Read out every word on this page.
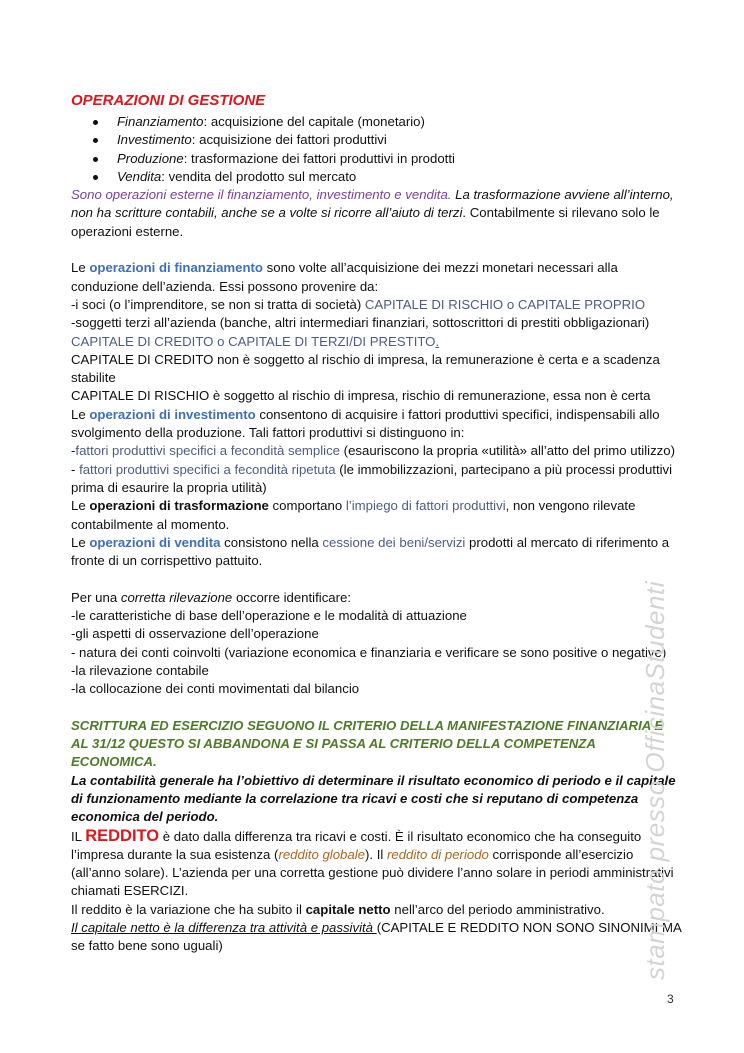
OPERAZIONI DI GESTIONE
Finanziamento: acquisizione del capitale (monetario)
Investimento: acquisizione dei fattori produttivi
Produzione: trasformazione dei fattori produttivi in prodotti
Vendita: vendita del prodotto sul mercato

Sono operazioni esterne il finanziamento, investimento e vendita. La trasformazione avviene all’interno, non ha scritture contabili, anche se a volte si ricorre all’aiuto di terzi. Contabilmente si rilevano solo le operazioni esterne.

Le operazioni di finanziamento sono volte all’acquisizione dei mezzi monetari necessari alla conduzione dell’azienda. Essi possono provenire da:

-i soci (o l’imprenditore, se non si tratta di società) CAPITALE DI RISCHIO o CAPITALE PROPRIO

-soggetti terzi all’azienda (banche, altri intermediari finanziari, sottoscrittori di prestiti obbligazionari) CAPITALE DI CREDITO o CAPITALE DI TERZI/DI PRESTITO.

CAPITALE DI CREDITO non è soggetto al rischio di impresa, la remunerazione è certa e a scadenza stabilite

CAPITALE DI RISCHIO è soggetto al rischio di impresa, rischio di remunerazione, essa non è certa

Le operazioni di investimento consentono di acquisire i fattori produttivi specifici, indispensabili allo svolgimento della produzione. Tali fattori produttivi si distinguono in:

-fattori produttivi specifici a fecondità semplice (esauriscono la propria «utilità» all’atto del primo utilizzo)

- fattori produttivi specifici a fecondità ripetuta (le immobilizzazioni, partecipano a più processi produttivi prima di esaurire la propria utilità)

Le operazioni di trasformazione comportano l’impiego di fattori produttivi, non vengono rilevate contabilmente al momento.

Le operazioni di vendita consistono nella cessione dei beni/servizi prodotti al mercato di riferimento a fronte di un corrispettivo pattuito.

Per una corretta rilevazione occorre identificare:

-le caratteristiche di base dell’operazione e le modalità di attuazione

-gli aspetti di osservazione dell’operazione

- natura dei conti coinvolti (variazione economica e finanziaria e verificare se sono positive o negative)

-la rilevazione contabile

-la collocazione dei conti movimentati dal bilancio

SCRITTURA ED ESERCIZIO SEGUONO IL CRITERIO DELLA MANIFESTAZIONE FINANZIARIA E AL 31/12 QUESTO SI ABBANDONA E SI PASSA AL CRITERIO DELLA COMPETENZA ECONOMICA.

La contabilità generale ha l’obiettivo di determinare il risultato economico di periodo e il capitale di funzionamento mediante la correlazione tra ricavi e costi che si reputano di competenza economica del periodo.

IL REDDITO è dato dalla differenza tra ricavi e costi. È il risultato economico che ha conseguito l’impresa durante la sua esistenza (reddito globale). Il reddito di periodo corrisponde all’esercizio (all’anno solare). L’azienda per una corretta gestione può dividere l’anno solare in periodi amministrativi chiamati ESERCIZI.

Il reddito è la variazione che ha subito il capitale netto nell’arco del periodo amministrativo.

Il capitale netto è la differenza tra attività e passività (CAPITALE E REDDITO NON SONO SINONIMI MA se fatto bene sono uguali)	stampato presso OfficinaStudenti
3
